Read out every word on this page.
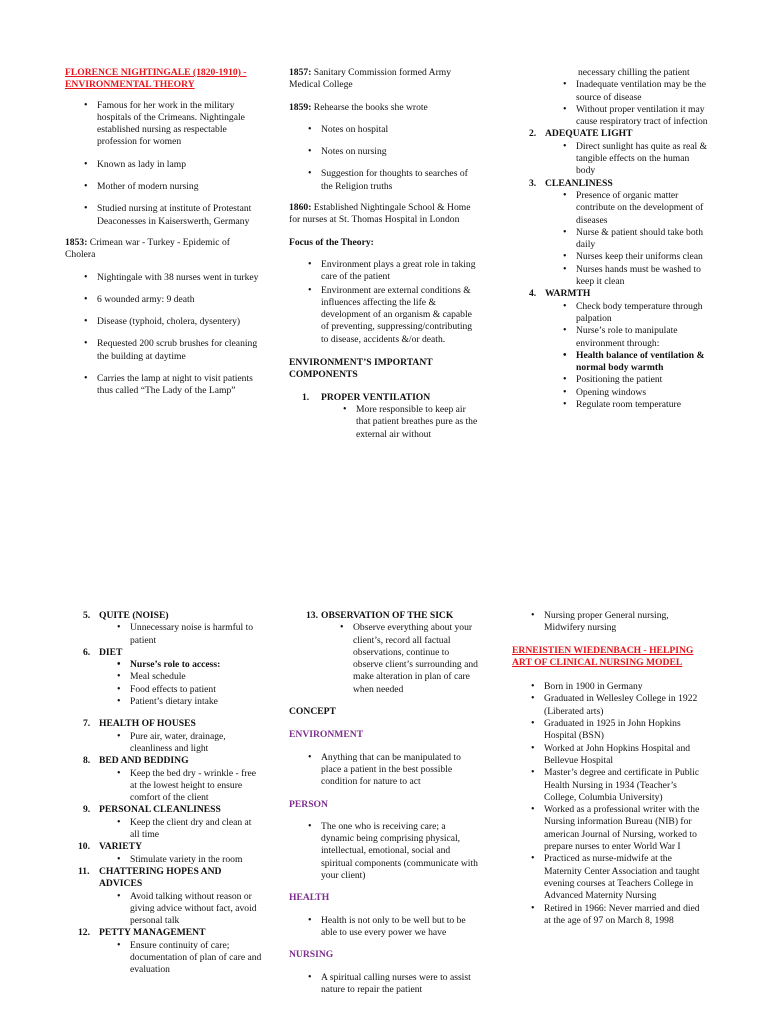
FLORENCE NIGHTINGALE (1820-1910) -ENVIRONMENTAL THEORY

• Famous for her work in the military hospitals of the Crimeans. Nightingale established nursing as respectable profession for women
• Known as lady in lamp
• Mother of modern nursing
• Studied nursing at institute of Protestant Deaconesses in Kaiserswerth, Germany

1853: Crimean war - Turkey - Epidemic of Cholera

• Nightingale with 38 nurses went in turkey
• 6 wounded army: 9 death
• Disease (typhoid, cholera, dysentery)
• Requested 200 scrub brushes for cleaning the building at daytime
• Carries the lamp at night to visit patients thus called “The Lady of the Lamp”

1857: Sanitary Commission formed Army Medical College

1859: Rehearse the books she wrote

• Notes on hospital
• Notes on nursing
• Suggestion for thoughts to searches of the Religion truths

1860: Established Nightingale School & Home for nurses at St. Thomas Hospital in London

Focus of the Theory:

• Environment plays a great role in taking care of the patient
• Environment are external conditions & influences affecting the life & development of an organism & capable of preventing, suppressing/contributing to disease, accidents &/or death.

ENVIRONMENT’S IMPORTANT COMPONENTS

1. PROPER VENTILATION
• More responsible to keep air that patient breathes pure as the external air without

necessary chilling the patient

• Inadequate ventilation may be the source of disease
• Without proper ventilation it may cause respiratory tract of infection
2. ADEQUATE LIGHT
• Direct sunlight has quite as real & tangible effects on the human body
3. CLEANLINESS
• Presence of organic matter contribute on the development of diseases
• Nurse & patient should take both daily
• Nurses keep their uniforms clean
• Nurses hands must be washed to keep it clean
4. WARMTH
• Check body temperature through palpation
• Nurse’s role to manipulate environment through:
• Health balance of ventilation & normal body warmth
• Positioning the patient
• Opening windows
• Regulate room temperature
5. QUITE (NOISE)
• Unnecessary noise is harmful to patient
6. DIET
• Nurse’s role to access:
• Meal schedule
• Food effects to patient
• Patient’s dietary intake
7. HEALTH OF HOUSES
• Pure air, water, drainage, cleanliness and light
8. BED AND BEDDING
• Keep the bed dry - wrinkle - free at the lowest height to ensure comfort of the client
9. PERSONAL CLEANLINESS
• Keep the client dry and clean at all time
10. VARIETY
• Stimulate variety in the room
11. CHATTERING HOPES AND ADVICES
• Avoid talking without reason or giving advice without fact, avoid personal talk
12. PETTY MANAGEMENT
• Ensure continuity of care; documentation of plan of care and evaluation
13. OBSERVATION OF THE SICK
• Observe everything about your client’s, record all factual observations, continue to observe client’s surrounding and make alteration in plan of care when needed

CONCEPT

ENVIRONMENT

• Anything that can be manipulated to place a patient in the best possible condition for nature to act

PERSON

• The one who is receiving care; a dynamic being comprising physical, intellectual, emotional, social and spiritual components (communicate with your client)

HEALTH

• Health is not only to be well but to be able to use every power we have

NURSING

• A spiritual calling nurses were to assist nature to repair the patient
• Nursing proper General nursing, Midwifery nursing

ERNEISTIEN WIEDENBACH - HELPING ART OF CLINICAL NURSING MODEL

• Born in 1900 in Germany
• Graduated in Wellesley College in 1922 (Liberated arts)
• Graduated in 1925 in John Hopkins Hospital (BSN)
• Worked at John Hopkins Hospital and Bellevue Hospital
• Master’s degree and certificate in Public Health Nursing in 1934 (Teacher’s College, Columbia University)
• Worked as a professional writer with the Nursing information Bureau (NIB) for american Journal of Nursing, worked to prepare nurses to enter World War I
• Practiced as nurse-midwife at the Maternity Center Association and taught evening courses at Teachers College in Advanced Maternity Nursing
• Retired in 1966: Never married and died at the age of 97 on March 8, 1998
